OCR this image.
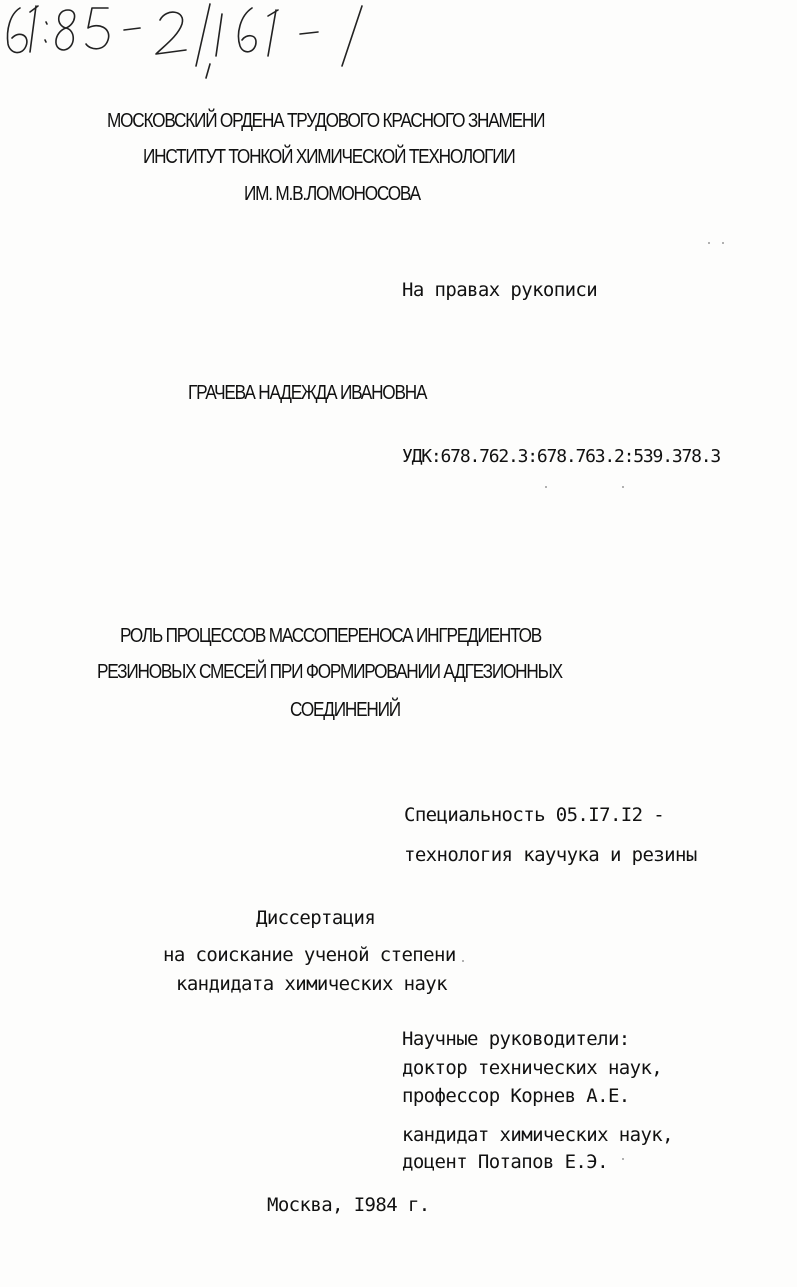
МОСКОВСКИЙ ОРДЕНА ТРУДОВОГО КРАСНОГО ЗНАМЕНИ
ИНСТИТУТ ТОНКОЙ ХИМИЧЕСКОЙ ТЕХНОЛОГИИ
ИМ. М.В.ЛОМОНОСОВА
На правах рукописи
ГРАЧЕВА НАДЕЖДА ИВАНОВНА
УДК:678.762.3:678.763.2:539.378.3
РОЛЬ ПРОЦЕССОВ МАССОПЕРЕНОСА ИНГРЕДИЕНТОВ
РЕЗИНОВЫХ СМЕСЕЙ ПРИ ФОРМИРОВАНИИ АДГЕЗИОННЫХ
СОЕДИНЕНИЙ
Специальность 05.I7.I2 -
технология каучука и резины
Диссертация
на соискание ученой степени
кандидата химических наук
Научные руководители:
доктор технических наук,
профессор Корнев А.Е.
кандидат химических наук,
доцент Потапов Е.Э.
Москва, I984 г.
